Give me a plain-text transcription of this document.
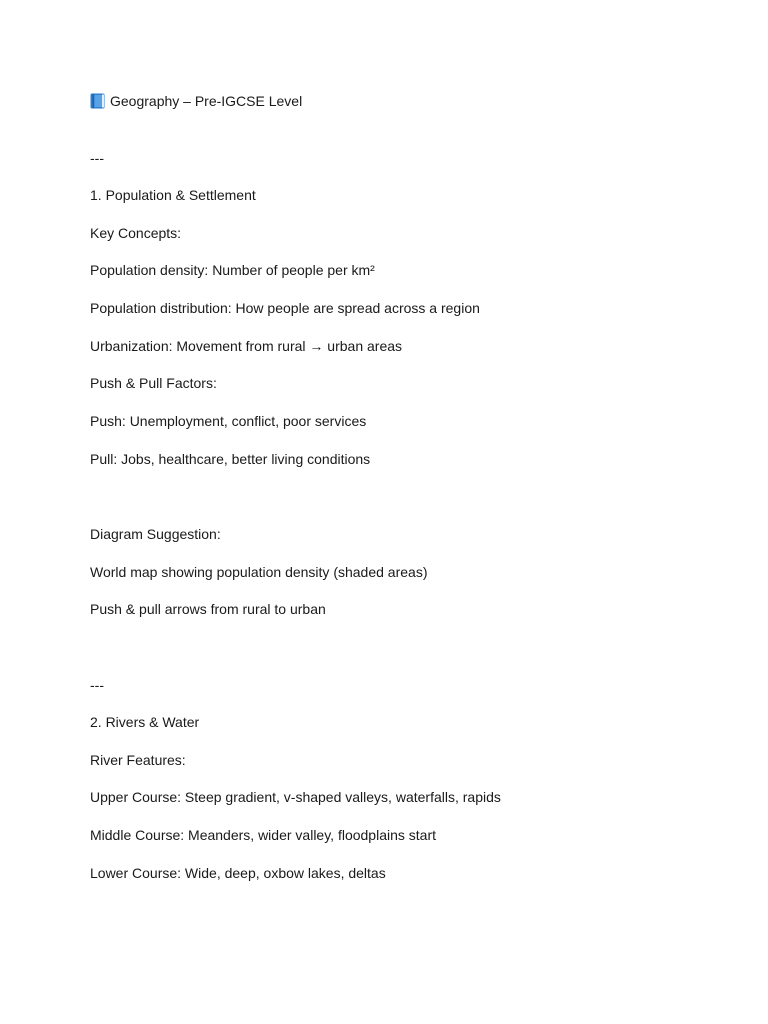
Geography – Pre-IGCSE Level
---
1. Population & Settlement
Key Concepts:
Population density: Number of people per km²
Population distribution: How people are spread across a region
Urbanization: Movement from rural → urban areas
Push & Pull Factors:
Push: Unemployment, conflict, poor services
Pull: Jobs, healthcare, better living conditions
Diagram Suggestion:
World map showing population density (shaded areas)
Push & pull arrows from rural to urban
---
2. Rivers & Water
River Features:
Upper Course: Steep gradient, v-shaped valleys, waterfalls, rapids
Middle Course: Meanders, wider valley, floodplains start
Lower Course: Wide, deep, oxbow lakes, deltas
